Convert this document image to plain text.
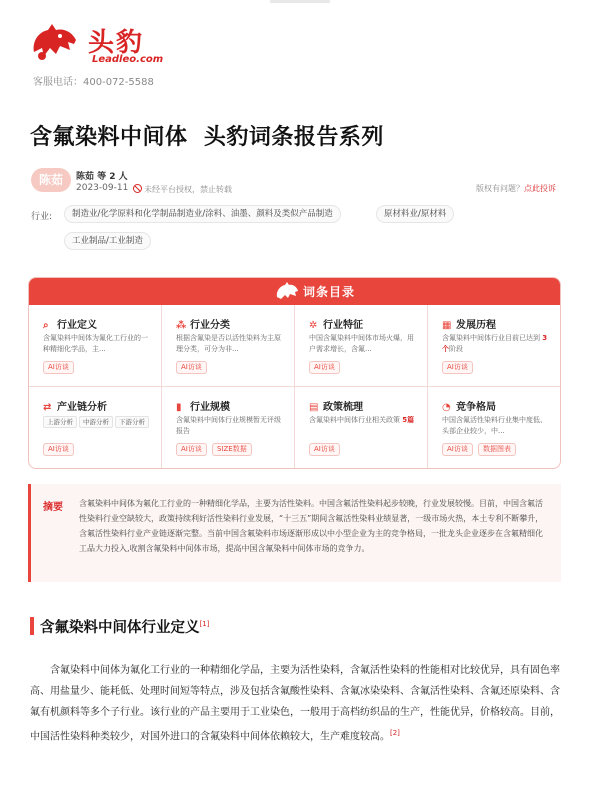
头豹
Leadleo.com
客服电话：400-072-5588
含氟染料中间体  头豹词条报告系列
陈茹	陈茹 等 2 人
2023-09-11	未经平台授权，禁止转载	版权有问题？点此投诉
行业:	制造业/化学原料和化学制品制造业/涂料、油墨、颜料及类似产品制造	原材料业/原材料
工业制品/工业制造
词条目录
⌕ 行业定义
含氟染料中间体为氟化工行业的一种精细化学品，主...
AI访谈
⁂ 行业分类
根据含氟染是否以活性染料为主原理分类，可分为非...
AI访谈
✲ 行业特征
中国含氟染料中间体市场火爆，用户需求增长，含氟...
AI访谈
▦ 发展历程
含氟染料中间体行业目前已达到 3个阶段
AI访谈
⇄ 产业链分析
上游分析	中游分析	下游分析
AI访谈
▮ 行业规模
含氟染料中间体行业规模暂无评级报告
AI访谈	SIZE数据
▤ 政策梳理
含氟染料中间体行业相关政策 5篇
AI访谈
◔ 竞争格局
中国含氟活性染料行业集中度低、头部企业较少，中...
AI访谈	数据图表
摘要 含氟染料中间体为氟化工行业的一种精细化学品，主要为活性染料。中国含氟活性染料起步较晚，行业发展较慢。目前，中国含氟活性染料行业空缺较大，政策持续利好活性染料行业发展，“十三五”期间含氟活性染料业绩显著，一级市场火热，本土专利不断攀升，含氟活性染料行业产业链逐渐完整。当前中国含氟染料市场逐渐形成以中小型企业为主的竞争格局，一批龙头企业逐步在含氟精细化工品大力投入,收割含氟染料中间体市场，提高中国含氟染料中间体市场的竞争力。
含氟染料中间体行业定义[1]
含氟染料中间体为氟化工行业的一种精细化学品，主要为活性染料，含氟活性染料的性能相对比较优异，具有固色率高、用盐量少、能耗低、处理时间短等特点，涉及包括含氟酸性染料、含氟冰染染料、含氟活性染料、含氟还原染料、含氟有机颜料等多个子行业。该行业的产品主要用于工业染色，一般用于高档纺织品的生产，性能优异，价格较高。目前，中国活性染料种类较少，对国外进口的含氟染料中间体依赖较大，生产难度较高。[2]
